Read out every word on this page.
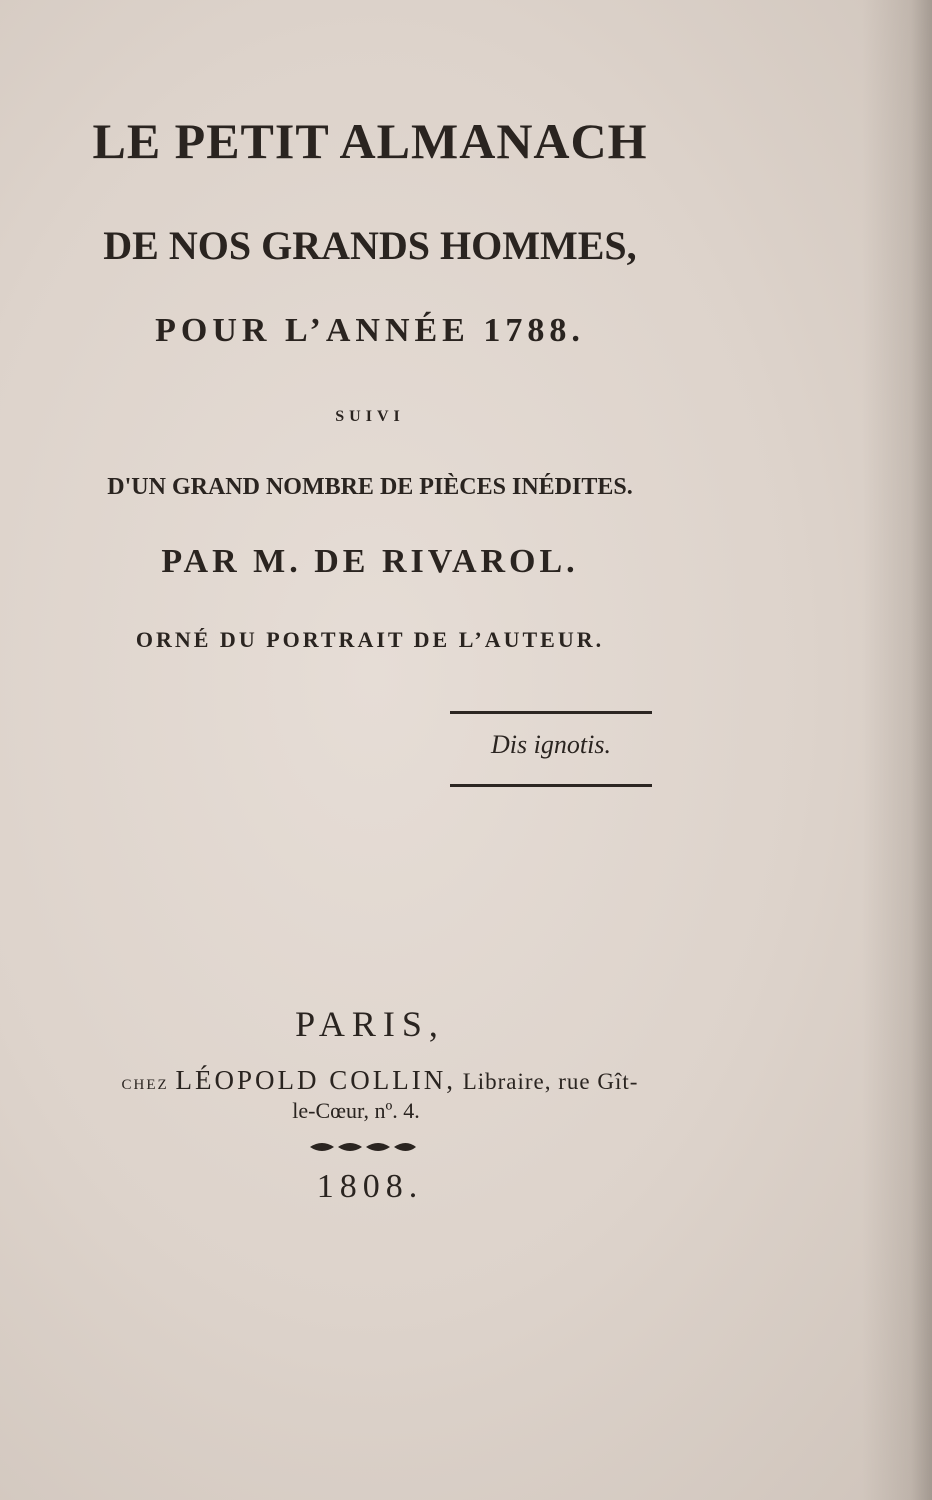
LE PETIT ALMANACH
DE NOS GRANDS HOMMES,
POUR L’ANNÉE 1788.
SUIVI
D'UN GRAND NOMBRE DE PIÈCES INÉDITES.
PAR M. DE RIVAROL.
ORNÉ DU PORTRAIT DE L’AUTEUR.
Dis ignotis.
PARIS,
CHEZ LÉOPOLD COLLIN, Libraire, rue Gît-
le-Cœur, nº. 4.
1808.
